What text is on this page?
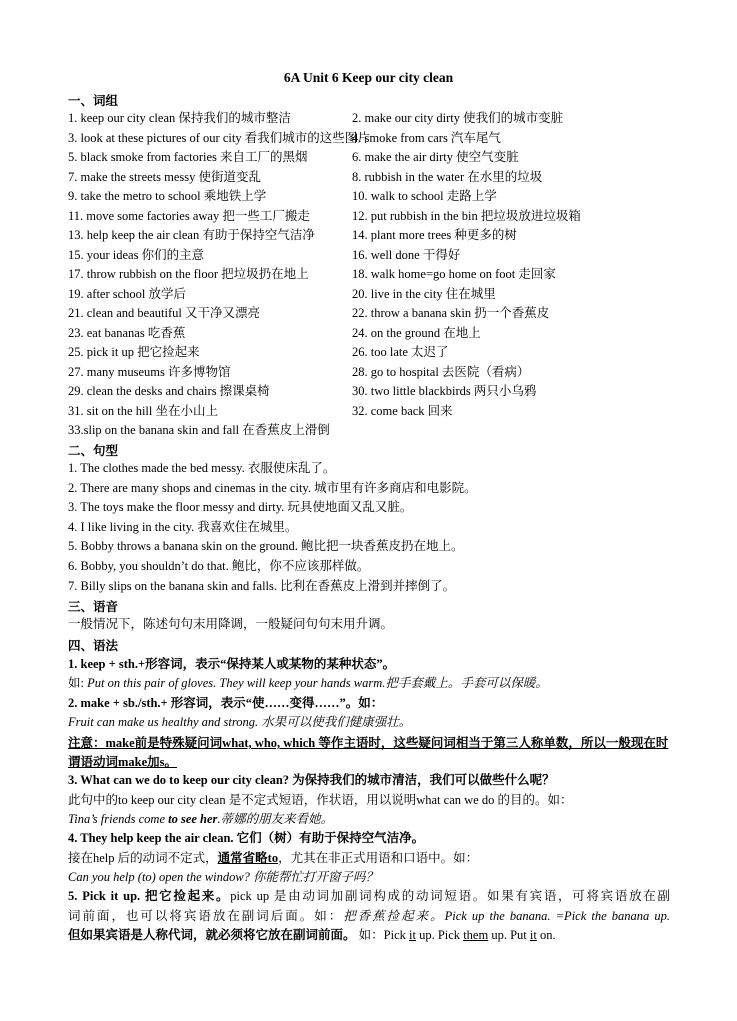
6A Unit 6 Keep our city clean
一、词组
1. keep our city clean 保持我们的城市整洁
3. look at these pictures of our city 看我们城市的这些图片
5. black smoke from factories 来自工厂的黑烟
7. make the streets messy 使街道变乱
9. take the metro to school 乘地铁上学
11. move some factories away 把一些工厂搬走
13. help keep the air clean 有助于保持空气洁净
15. your ideas 你们的主意
17. throw rubbish on the floor 把垃圾扔在地上
19. after school 放学后
21. clean and beautiful 又干净又漂亮
23. eat bananas 吃香蕉
25. pick it up 把它捡起来
27. many museums 许多博物馆
29. clean the desks and chairs 擦课桌椅
31. sit on the hill 坐在小山上
33.slip on the banana skin and fall 在香蕉皮上滑倒
2. make our city dirty 使我们的城市变脏
4. smoke from cars 汽车尾气
6. make the air dirty 使空气变脏
8. rubbish in the water 在水里的垃圾
10. walk to school 走路上学
12. put rubbish in the bin 把垃圾放进垃圾箱
14. plant more trees 种更多的树
16. well done 干得好
18. walk home=go home on foot 走回家
20. live in the city 住在城里
22. throw a banana skin 扔一个香蕉皮
24. on the ground 在地上
26. too late 太迟了
28. go to hospital 去医院（看病）
30. two little blackbirds 两只小乌鸦
32. come back 回来
二、句型
1. The clothes made the bed messy. 衣服使床乱了。
2. There are many shops and cinemas in the city. 城市里有许多商店和电影院。
3. The toys make the floor messy and dirty. 玩具使地面又乱又脏。
4. I like living in the city. 我喜欢住在城里。
5. Bobby throws a banana skin on the ground. 鲍比把一块香蕉皮扔在地上。
6. Bobby, you shouldn’t do that. 鲍比，你不应该那样做。
7. Billy slips on the banana skin and falls. 比利在香蕉皮上滑到并摔倒了。
三、语音
一般情况下，陈述句句末用降调，一般疑问句句末用升调。
四、语法
1. keep + sth.+形容词，表示“保持某人或某物的某种状态”。
如: Put on this pair of gloves. They will keep your hands warm.把手套戴上。手套可以保暖。
2. make + sb./sth.+ 形容词，表示“使……变得……”。如：
Fruit can make us healthy and strong. 水果可以使我们健康强壮。
注意：make前是特殊疑问词what, who, which 等作主语时，这些疑问词相当于第三人称单数，所以一般现在时谓语动词make加s。
3. What can we do to keep our city clean? 为保持我们的城市清洁，我们可以做些什么呢？
此句中的to keep our city clean 是不定式短语，作状语，用以说明what can we do 的目的。如：
Tina’s friends come to see her.蒂娜的朋友来看她。
4. They help keep the air clean. 它们（树）有助于保持空气洁净。
接在help 后的动词不定式，通常省略to，尤其在非正式用语和口语中。如：
Can you help (to) open the window? 你能帮忙打开窗子吗？
5. Pick it up. 把它捡起来。pick up 是由动词加副词构成的动词短语。如果有宾语，可将宾语放在副
词前面，也可以将宾语放在副词后面。如：把香蕉捡起来。Pick up the banana. =Pick the banana up.
但如果宾语是人称代词，就必须将它放在副词前面。 如：Pick it up. Pick them up. Put it on.
